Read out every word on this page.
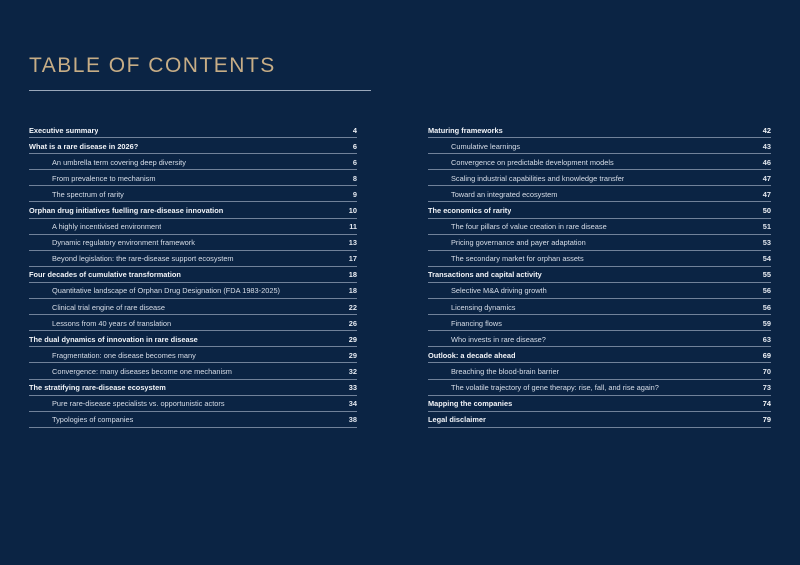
TABLE OF CONTENTS
Executive summary	4
What is a rare disease in 2026?	6
An umbrella term covering deep diversity	6
From prevalence to mechanism	8
The spectrum of rarity	9
Orphan drug initiatives fuelling rare-disease innovation	10
A highly incentivised environment	11
Dynamic regulatory environment framework	13
Beyond legislation: the rare-disease support ecosystem	17
Four decades of cumulative transformation	18
Quantitative landscape of Orphan Drug Designation (FDA 1983-2025)	18
Clinical trial engine of rare disease	22
Lessons from 40 years of translation	26
The dual dynamics of innovation in rare disease	29
Fragmentation: one disease becomes many	29
Convergence: many diseases become one mechanism	32
The stratifying rare-disease ecosystem	33
Pure rare-disease specialists vs. opportunistic actors	34
Typologies of companies	38
Maturing frameworks	42
Cumulative learnings	43
Convergence on predictable development models	46
Scaling industrial capabilities and knowledge transfer	47
Toward an integrated ecosystem	47
The economics of rarity	50
The four pillars of value creation in rare disease	51
Pricing governance and payer adaptation	53
The secondary market for orphan assets	54
Transactions and capital activity	55
Selective M&A driving growth	56
Licensing dynamics	56
Financing flows	59
Who invests in rare disease?	63
Outlook: a decade ahead	69
Breaching the blood-brain barrier	70
The volatile trajectory of gene therapy: rise, fall, and rise again?	73
Mapping the companies	74
Legal disclaimer	79
